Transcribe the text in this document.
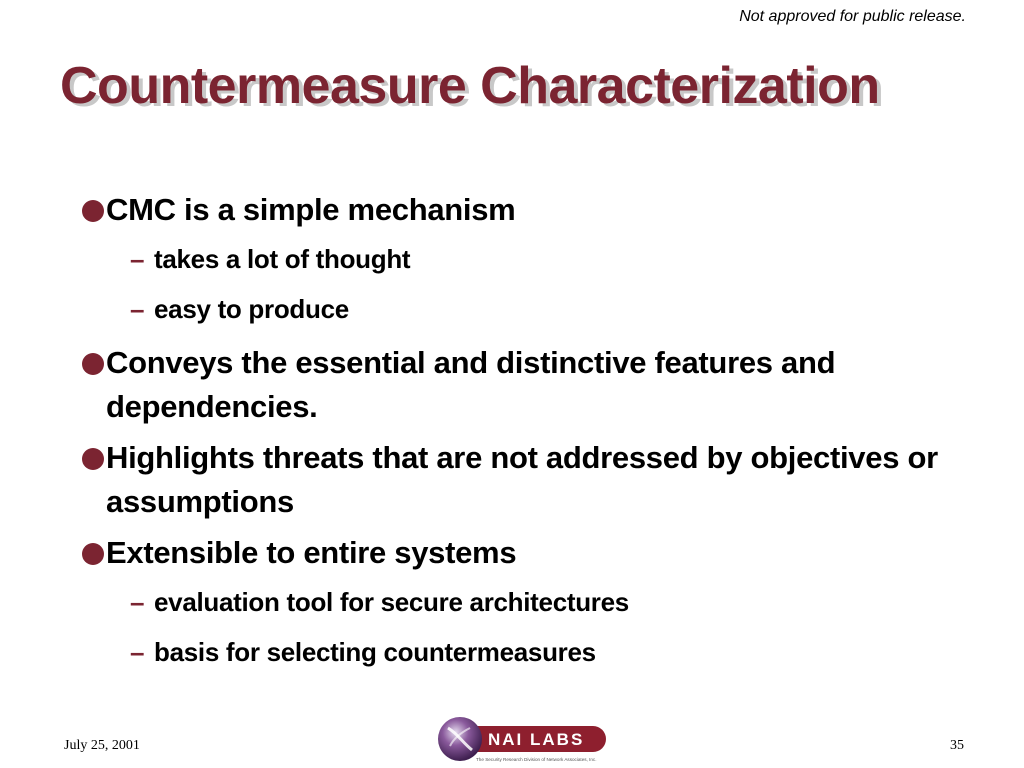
Not approved for public release.
Countermeasure Characterization
CMC is a simple mechanism
– takes a lot of thought
– easy to produce
Conveys the essential and distinctive features and dependencies.
Highlights threats that are not addressed by objectives or assumptions
Extensible to entire systems
– evaluation tool for secure architectures
– basis for selecting countermeasures
July 25, 2001	NAI LABS
The Security Research Division of Network Associates, Inc.
35
